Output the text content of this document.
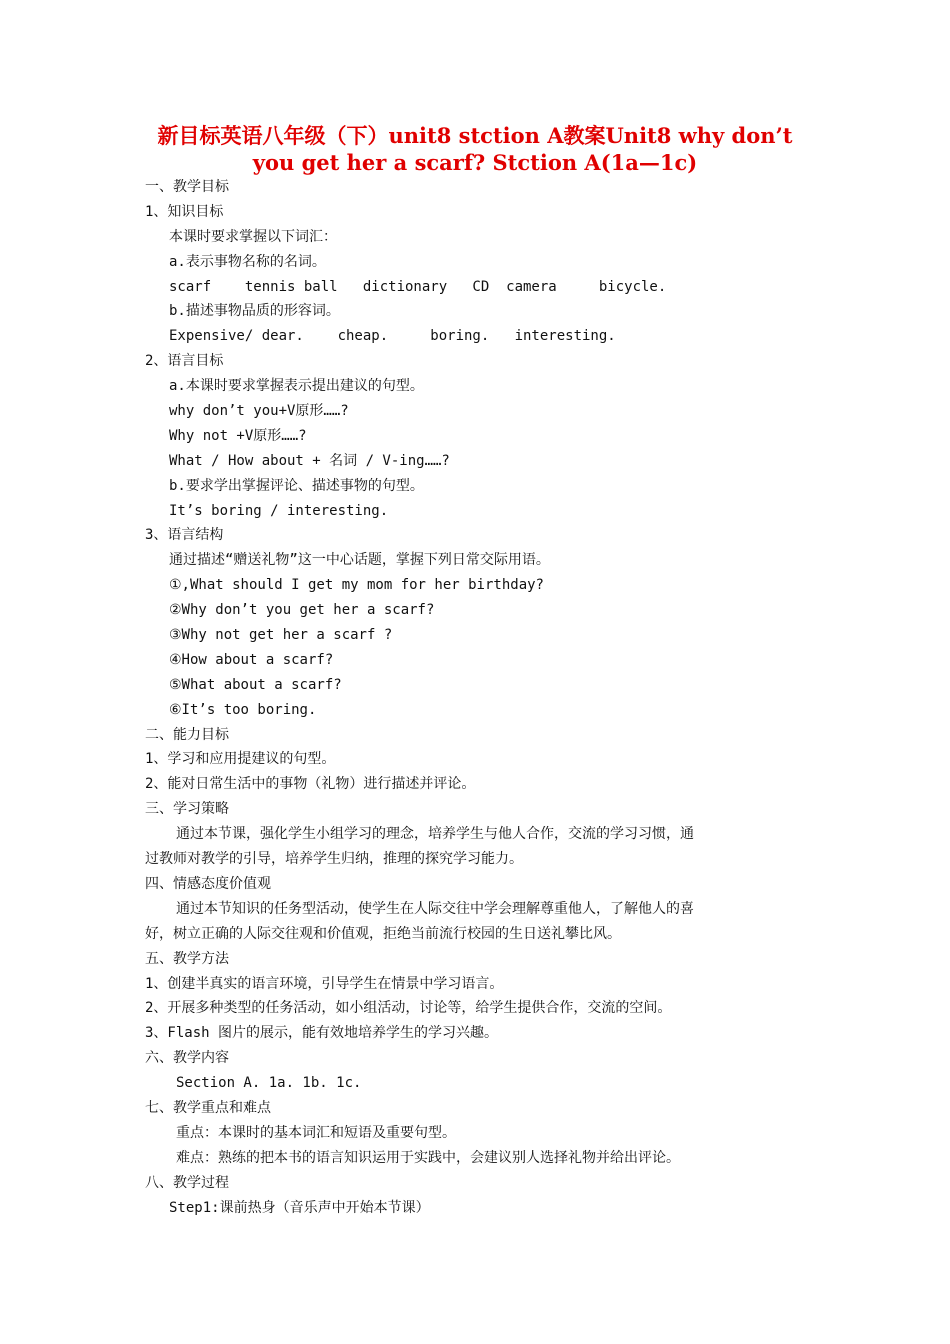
新目标英语八年级（下）unit8 stction A教案Unit8 why don’t
you get her a scarf? Stction A(1a—1c)
一、教学目标
1、知识目标
本课时要求掌握以下词汇：
a.表示事物名称的名词。
scarf    tennis ball   dictionary   CD  camera     bicycle.
b.描述事物品质的形容词。
Expensive/ dear.    cheap.     boring.   interesting.
2、语言目标
a.本课时要求掌握表示提出建议的句型。
why don’t you+V原形……?
Why not +V原形……?
What / How about + 名词 / V-ing……?
b.要求学出掌握评论、描述事物的句型。
It’s boring / interesting.
3、语言结构
通过描述“赠送礼物”这一中心话题，掌握下列日常交际用语。
①,What should I get my mom for her birthday?
②Why don’t you get her a scarf?
③Why not get her a scarf ?
④How about a scarf?
⑤What about a scarf?
⑥It’s too boring.
二、能力目标
1、学习和应用提建议的句型。
2、能对日常生活中的事物（礼物）进行描述并评论。
三、学习策略
通过本节课，强化学生小组学习的理念，培养学生与他人合作，交流的学习习惯，通
过教师对教学的引导，培养学生归纳，推理的探究学习能力。
四、情感态度价值观
通过本节知识的任务型活动，使学生在人际交往中学会理解尊重他人，了解他人的喜
好，树立正确的人际交往观和价值观，拒绝当前流行校园的生日送礼攀比风。
五、教学方法
1、创建半真实的语言环境，引导学生在情景中学习语言。
2、开展多种类型的任务活动，如小组活动，讨论等，给学生提供合作，交流的空间。
3、Flash 图片的展示，能有效地培养学生的学习兴趣。
六、教学内容
Section A. 1a. 1b. 1c.
七、教学重点和难点
重点：本课时的基本词汇和短语及重要句型。
难点：熟练的把本书的语言知识运用于实践中，会建议别人选择礼物并给出评论。
八、教学过程
Step1:课前热身（音乐声中开始本节课）
